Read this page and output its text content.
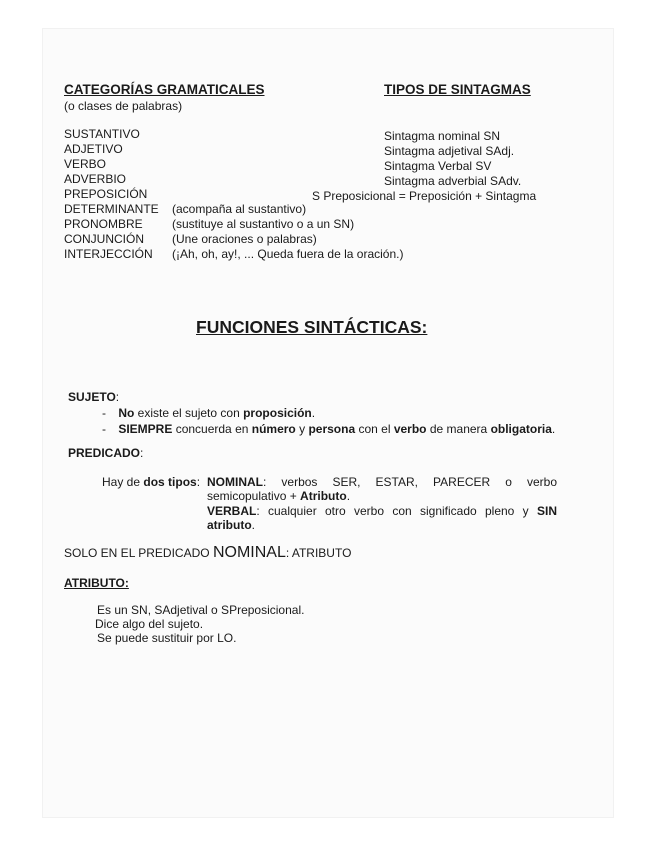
CATEGORÍAS GRAMATICALES
(o clases de palabras)
TIPOS DE SINTAGMAS
SUSTANTIVO
ADJETIVO
VERBO
ADVERBIO
PREPOSICIÓN
DETERMINANTE (acompaña al sustantivo)
PRONOMBRE (sustituye al sustantivo o a un SN)
CONJUNCIÓN (Une oraciones o palabras)
INTERJECCIÓN (¡Ah, oh, ay!, ... Queda fuera de la oración.)
Sintagma nominal SN
Sintagma adjetival SAdj.
Sintagma Verbal SV
Sintagma adverbial SAdv.
S Preposicional = Preposición + Sintagma
FUNCIONES SINTÁCTICAS:
SUJETO:
- No existe el sujeto con proposición.
- SIEMPRE concuerda en número y persona con el verbo de manera obligatoria.
PREDICADO:
Hay de dos tipos: NOMINAL: verbos SER, ESTAR, PARECER o verbo
semicopulativo + Atributo.
VERBAL: cualquier otro verbo con significado pleno y SIN
atributo.
SOLO EN EL PREDICADO NOMINAL: ATRIBUTO
ATRIBUTO:
Es un SN, SAdjetival o SPreposicional.
Dice algo del sujeto.
Se puede sustituir por LO.
